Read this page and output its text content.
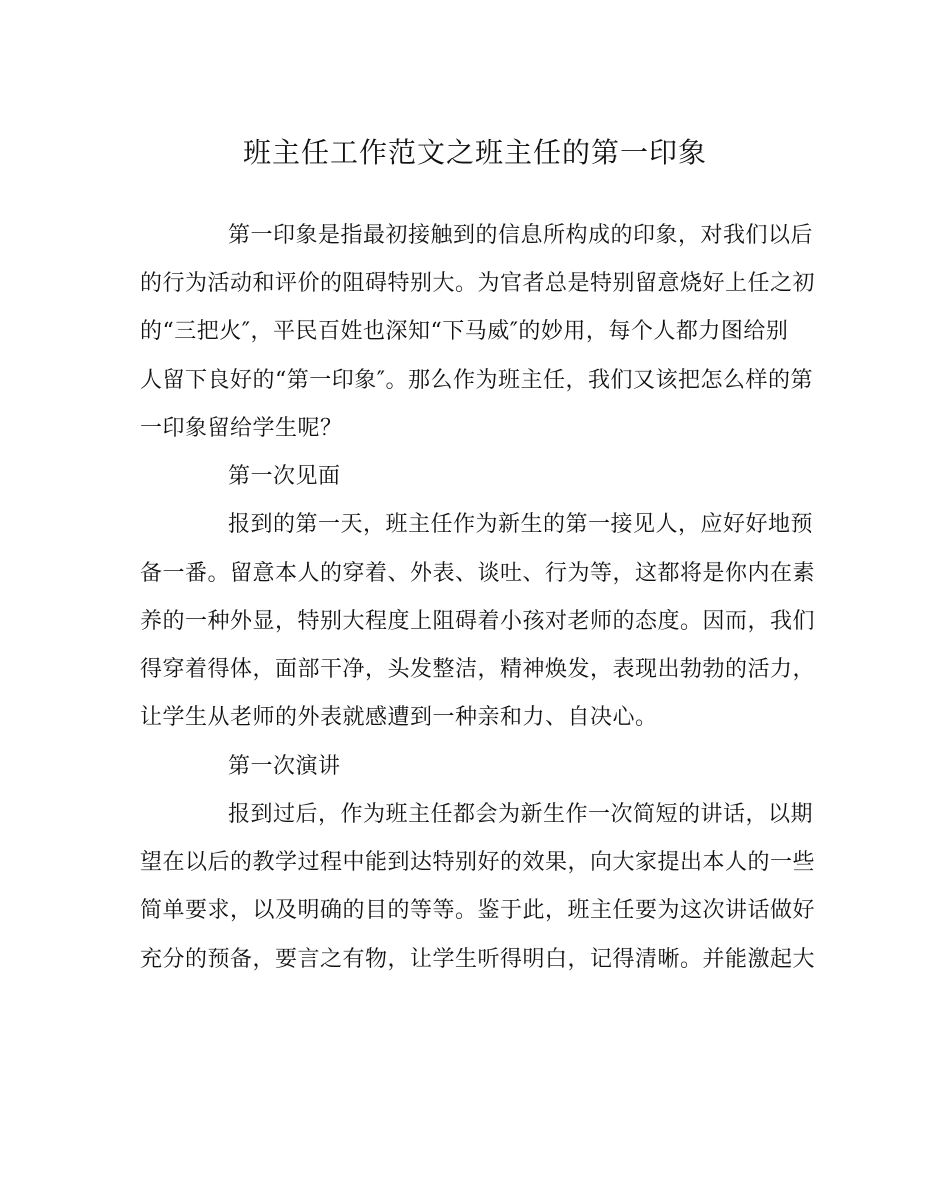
班主任工作范文之班主任的第一印象
第一印象是指最初接触到的信息所构成的印象，对我们以后
的行为活动和评价的阻碍特别大。为官者总是特别留意烧好上任之初
的“三把火″，平民百姓也深知“下马威″的妙用，每个人都力图给别
人留下良好的“第一印象″。那么作为班主任，我们又该把怎么样的第
一印象留给学生呢？
第一次见面
报到的第一天，班主任作为新生的第一接见人，应好好地预
备一番。留意本人的穿着、外表、谈吐、行为等，这都将是你内在素
养的一种外显，特别大程度上阻碍着小孩对老师的态度。因而，我们
得穿着得体，面部干净，头发整洁，精神焕发，表现出勃勃的活力，
让学生从老师的外表就感遭到一种亲和力、自决心。
第一次演讲
报到过后，作为班主任都会为新生作一次简短的讲话，以期
望在以后的教学过程中能到达特别好的效果，向大家提出本人的一些
简单要求，以及明确的目的等等。鉴于此，班主任要为这次讲话做好
充分的预备，要言之有物，让学生听得明白，记得清晰。并能激起大
